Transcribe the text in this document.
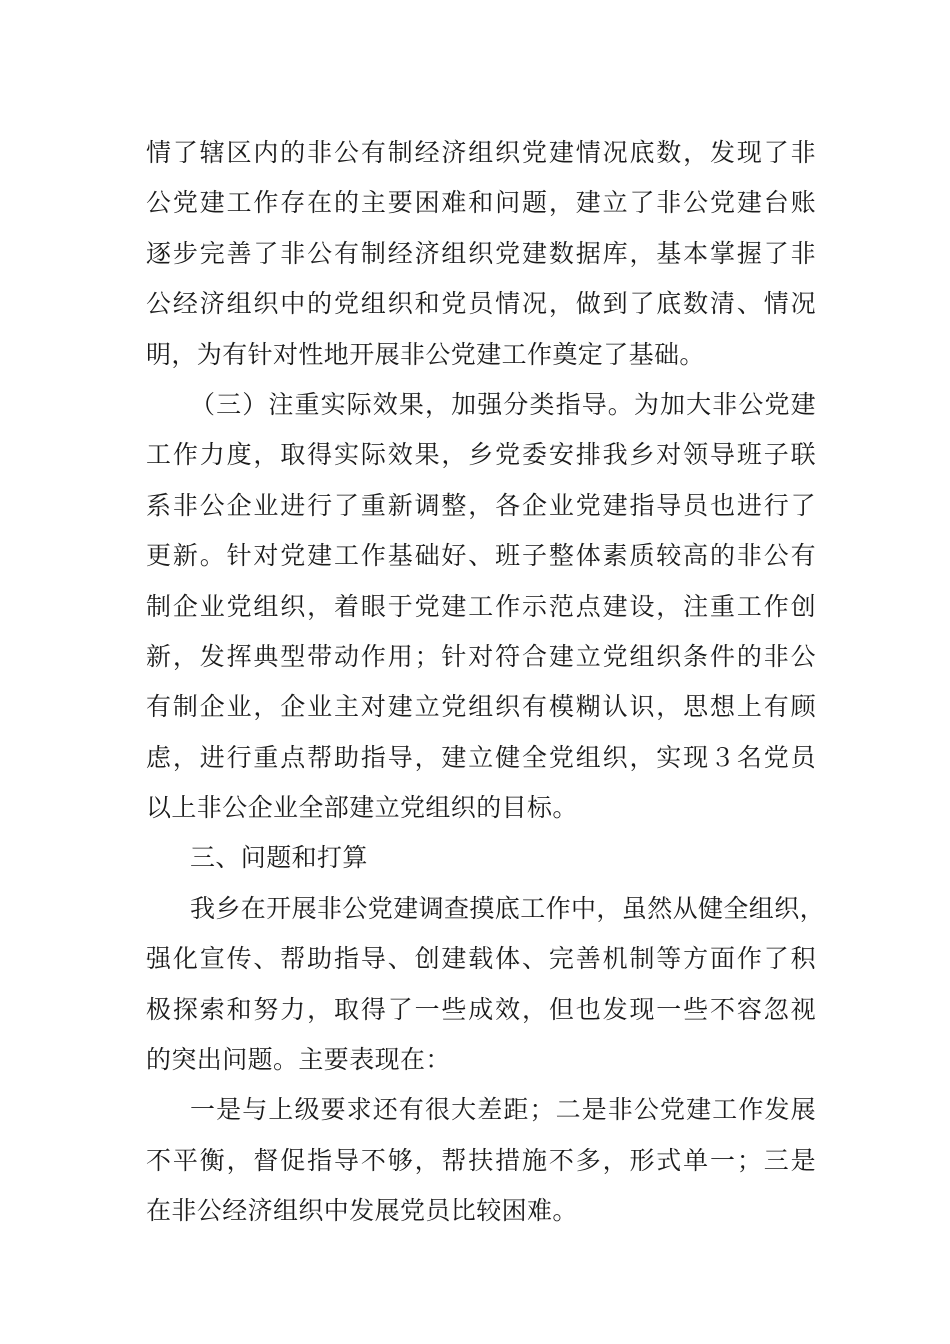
情了辖区内的非公有制经济组织党建情况底数，发现了非
公党建工作存在的主要困难和问题，建立了非公党建台账
逐步完善了非公有制经济组织党建数据库，基本掌握了非
公经济组织中的党组织和党员情况，做到了底数清、情况
明，为有针对性地开展非公党建工作奠定了基础。
（三）注重实际效果，加强分类指导。为加大非公党建
工作力度，取得实际效果，乡党委安排我乡对领导班子联
系非公企业进行了重新调整，各企业党建指导员也进行了
更新。针对党建工作基础好、班子整体素质较高的非公有
制企业党组织，着眼于党建工作示范点建设，注重工作创
新，发挥典型带动作用；针对符合建立党组织条件的非公
有制企业，企业主对建立党组织有模糊认识，思想上有顾
虑，进行重点帮助指导，建立健全党组织，实现３名党员
以上非公企业全部建立党组织的目标。
三、问题和打算
我乡在开展非公党建调查摸底工作中，虽然从健全组织，
强化宣传、帮助指导、创建载体、完善机制等方面作了积
极探索和努力，取得了一些成效，但也发现一些不容忽视
的突出问题。主要表现在：
一是与上级要求还有很大差距；二是非公党建工作发展
不平衡，督促指导不够，帮扶措施不多，形式单一；三是
在非公经济组织中发展党员比较困难。
